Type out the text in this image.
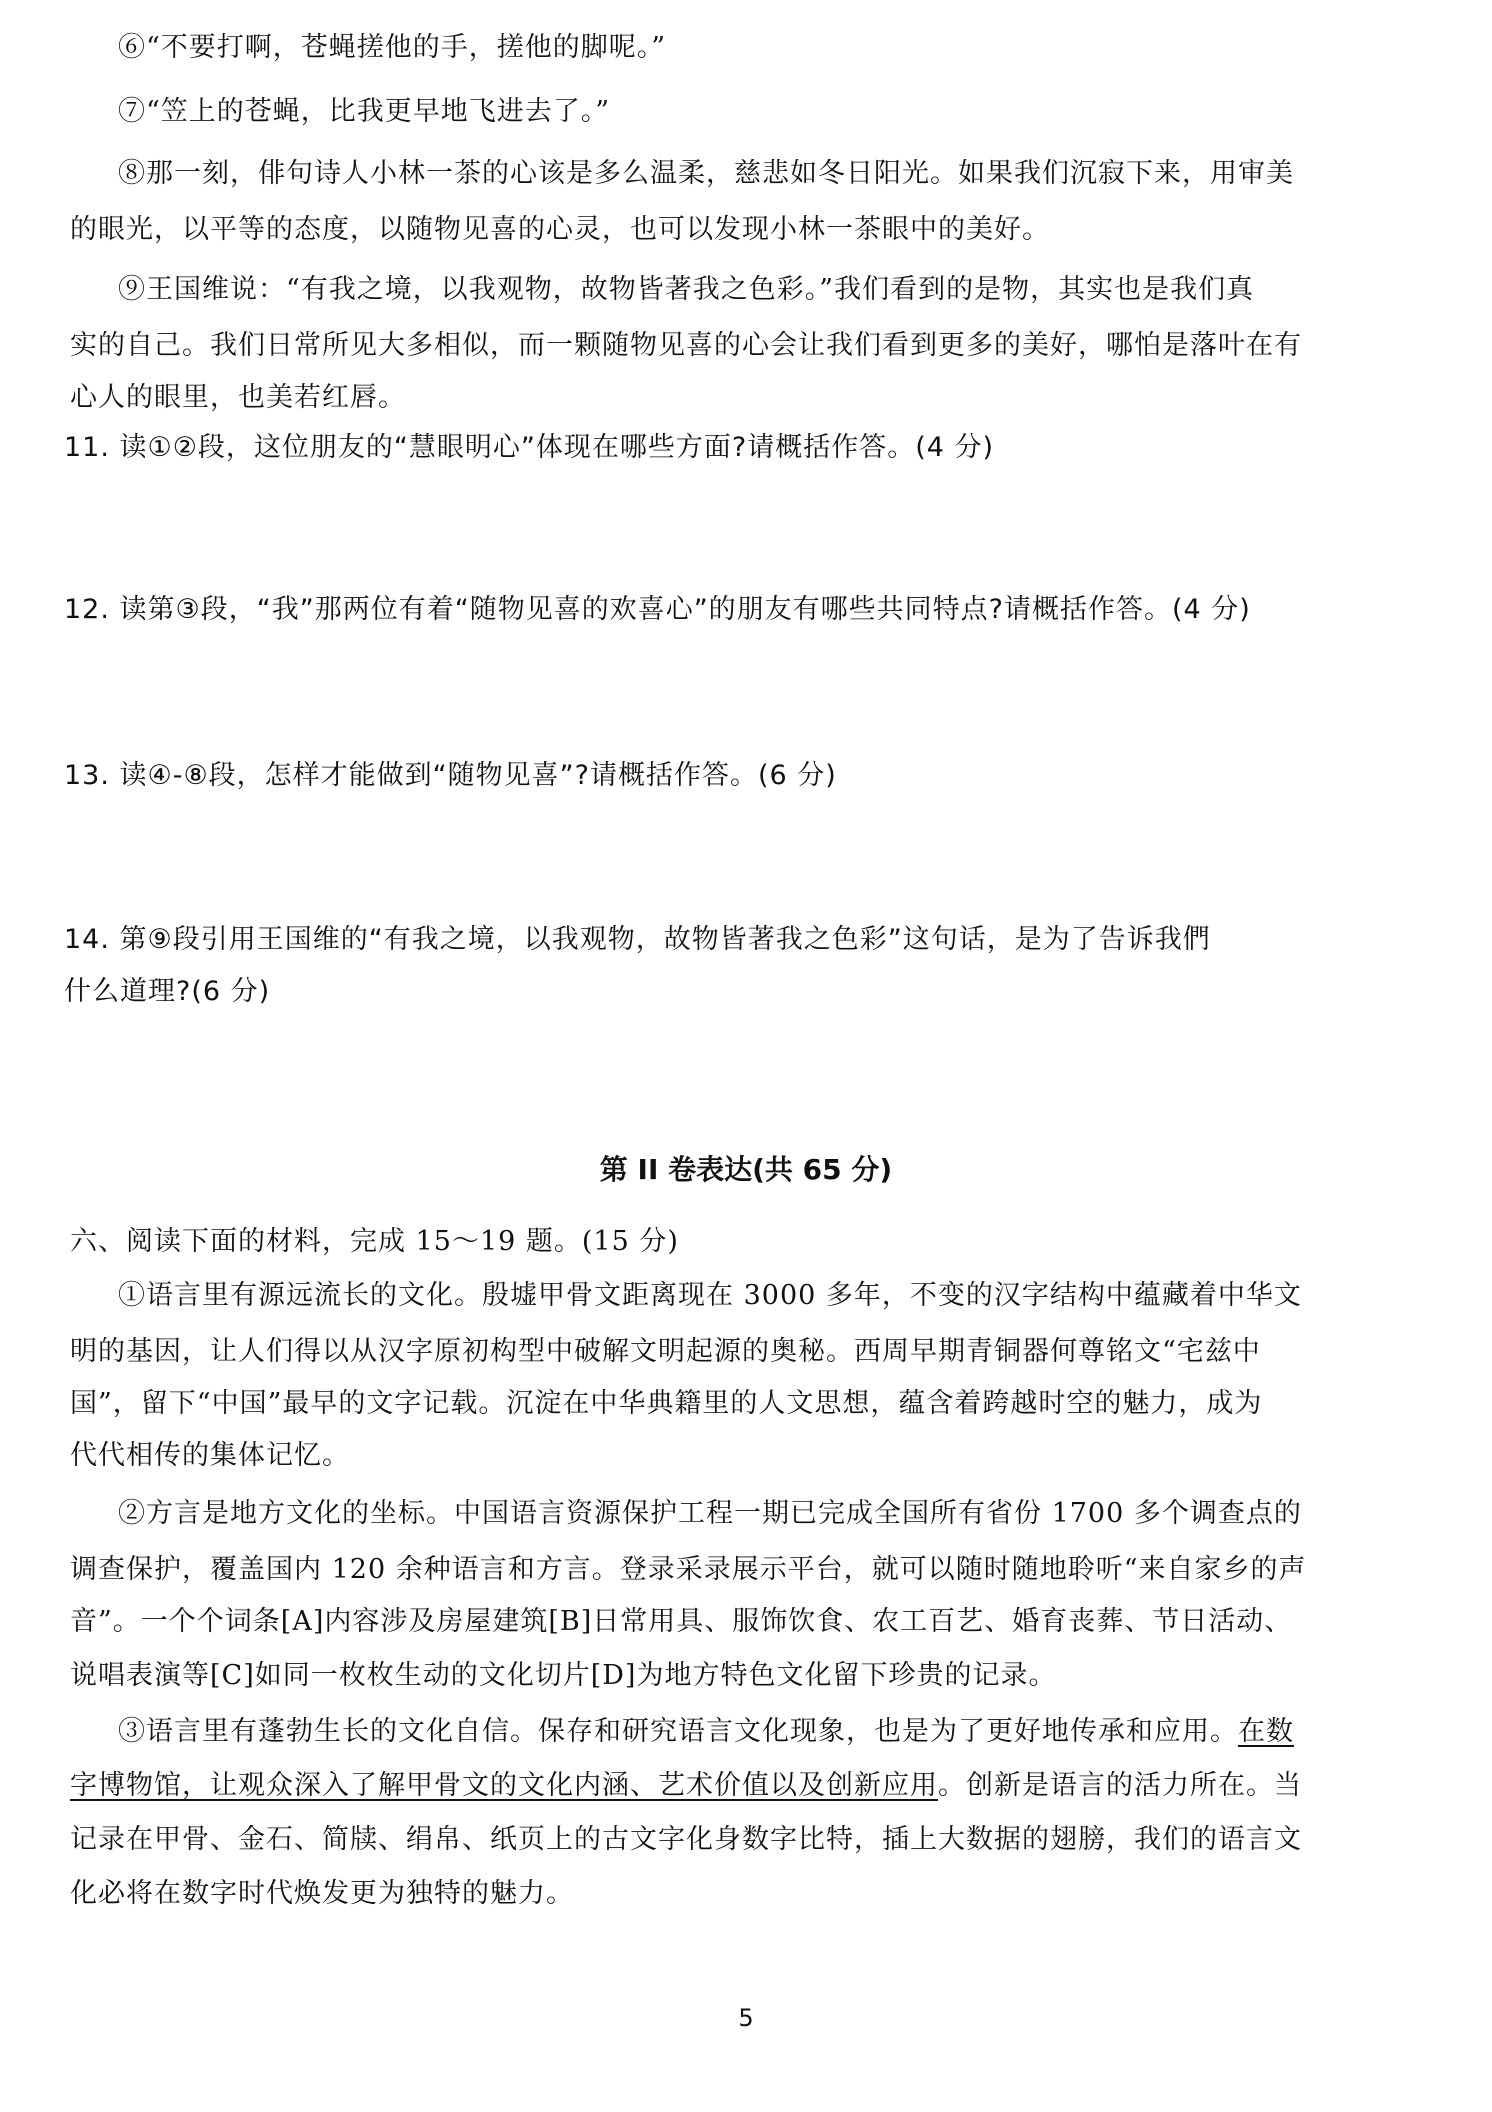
⑥“不要打啊，苍蝇搓他的手，搓他的脚呢。”
⑦“笠上的苍蝇，比我更早地飞进去了。”
⑧那一刻，俳句诗人小林一茶的心该是多么温柔，慈悲如冬日阳光。如果我们沉寂下来，用审美
的眼光，以平等的态度，以随物见喜的心灵，也可以发现小林一茶眼中的美好。
⑨王国维说：“有我之境，以我观物，故物皆著我之色彩。”我们看到的是物，其实也是我们真
实的自己。我们日常所见大多相似，而一颗随物见喜的心会让我们看到更多的美好，哪怕是落叶在有
心人的眼里，也美若红唇。
11. 读①②段，这位朋友的“慧眼明心”体现在哪些方面?请概括作答。(4 分)
12. 读第③段，“我”那两位有着“随物见喜的欢喜心”的朋友有哪些共同特点?请概括作答。(4 分)
13. 读④-⑧段，怎样才能做到“随物见喜”?请概括作答。(6 分)
14. 第⑨段引用王国维的“有我之境，以我观物，故物皆著我之色彩”这句话，是为了告诉我們
什么道理?(6 分)
第 II 卷表达(共 65 分)
六、阅读下面的材料，完成 15～19 题。(15 分)
①语言里有源远流长的文化。殷墟甲骨文距离现在 3000 多年，不变的汉字结构中蕴藏着中华文
明的基因，让人们得以从汉字原初构型中破解文明起源的奥秘。西周早期青铜器何尊铭文“宅兹中
国”，留下“中国”最早的文字记载。沉淀在中华典籍里的人文思想，蕴含着跨越时空的魅力，成为
代代相传的集体记忆。
②方言是地方文化的坐标。中国语言资源保护工程一期已完成全国所有省份 1700 多个调查点的
调查保护，覆盖国内 120 余种语言和方言。登录采录展示平台，就可以随时随地聆听“来自家乡的声
音”。一个个词条[A]内容涉及房屋建筑[B]日常用具、服饰饮食、农工百艺、婚育丧葬、节日活动、
说唱表演等[C]如同一枚枚生动的文化切片[D]为地方特色文化留下珍贵的记录。
③语言里有蓬勃生长的文化自信。保存和研究语言文化现象，也是为了更好地传承和应用。在数
字博物馆，让观众深入了解甲骨文的文化内涵、艺术价值以及创新应用。创新是语言的活力所在。当
记录在甲骨、金石、简牍、绢帛、纸页上的古文字化身数字比特，插上大数据的翅膀，我们的语言文
化必将在数字时代焕发更为独特的魅力。
5
